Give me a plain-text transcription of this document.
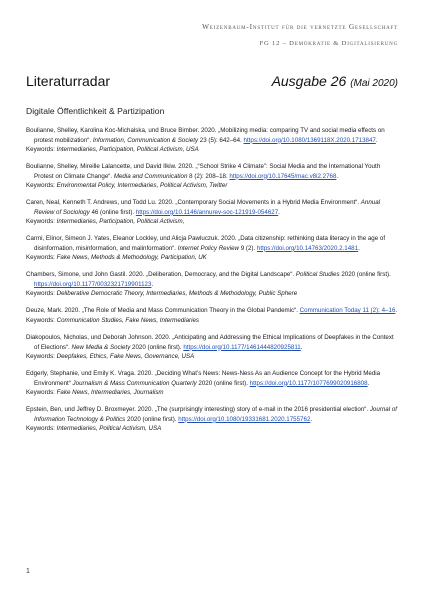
Weizenbaum-Institut für die vernetzte Gesellschaft
FG 12 – Demokratie & Digitalisierung
Literaturradar	Ausgabe 26 (Mai 2020)
Digitale Öffentlichkeit & Partizipation
Boulianne, Shelley, Karolina Koc-Michalska, und Bruce Bimber. 2020. „Mobilizing media: comparing TV and social media effects on protest mobilization“. Information, Communication & Society 23 (5): 642–64. https://doi.org/10.1080/1369118X.2020.1713847.
Keywords: Intermediaries, Participation, Political Activism, USA
Boulianne, Shelley, Mireille Lalancette, und David Ilkiw. 2020. „“School Strike 4 Climate”: Social Media and the International Youth Protest on Climate Change“. Media and Communication 8 (2): 208–18. https://doi.org/10.17645/mac.v8i2.2768.
Keywords: Environmental Policy, Intermediaries, Political Activism, Twitter
Caren, Neal, Kenneth T. Andrews, und Todd Lu. 2020. „Contemporary Social Movements in a Hybrid Media Environment“. Annual Review of Sociology 46 (online first). https://doi.org/10.1146/annurev-soc-121919-054627.
Keywords: Intermediaries, Participation, Political Activism,
Carmi, Elinor, Simeon J. Yates, Eleanor Lockley, und Alicja Pawluczuk. 2020. „Data citizenship: rethinking data literacy in the age of disinformation, misinformation, and malinformation“. Internet Policy Review 9 (2). https://doi.org/10.14763/2020.2.1481.
Keywords: Fake News, Methods & Methodology, Participation, UK
Chambers, Simone, und John Gastil. 2020. „Deliberation, Democracy, and the Digital Landscape“. Political Studies 2020 (online first). https://doi.org/10.1177/0032321719901123.
Keywords: Deliberative Democratic Theory, Intermediaries, Methods & Methodology, Public Sphere
Deuze, Mark. 2020. „The Role of Media and Mass Communication Theory in the Global Pandemic“. Communication Today 11 (2): 4–16.
Keywords: Communication Studies, Fake News, Intermediaries
Diakopoulos, Nicholas, und Deborah Johnson. 2020. „Anticipating and Addressing the Ethical Implications of Deepfakes in the Context of Elections“. New Media & Society 2020 (online first). https://doi.org/10.1177/1461444820925811.
Keywords: Deepfakes, Ethics, Fake News, Governance, USA
Edgerly, Stephanie, und Emily K. Vraga. 2020. „Deciding What’s News: News-Ness As an Audience Concept for the Hybrid Media Environment“ Journalism & Mass Communication Quarterly 2020 (online first). https://doi.org/10.1177/1077699020916808.
Keywords: Fake News, Intermediaries, Journalism
Epstein, Ben, und Jeffrey D. Broxmeyer. 2020. „The (surprisingly interesting) story of e-mail in the 2016 presidential election“. Journal of Information Technology & Politics 2020 (online first). https://doi.org/10.1080/19331681.2020.1755762.
Keywords: Intermediaries, Political Activism, USA
1
